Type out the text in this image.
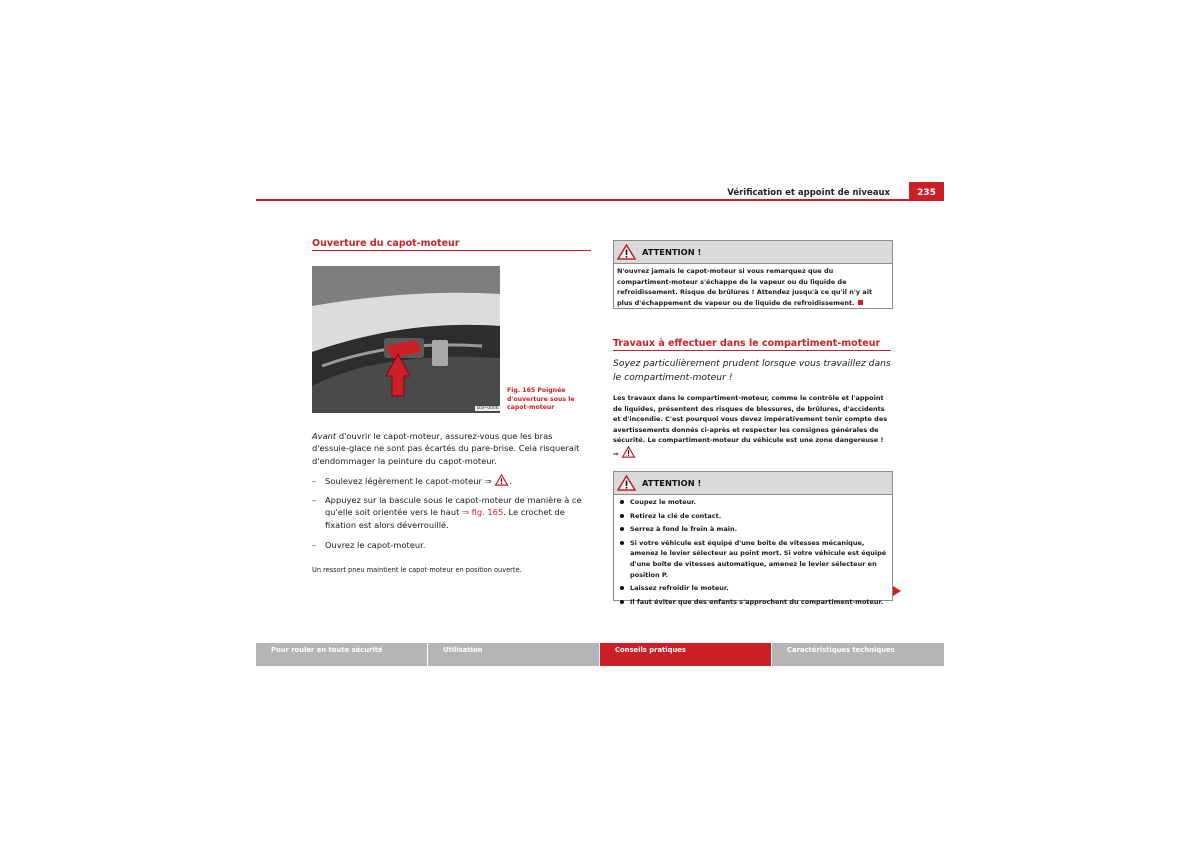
235
Vérification et appoint de niveaux
Ouverture du capot-moteur
B5P-0006
Fig. 165 Poignée d'ouverture sous le capot-moteur
Avant d'ouvrir le capot-moteur, assurez-vous que les bras d'essuie-glace ne sont pas écartés du pare-brise. Cela risquerait d'endommager la peinture du capot-moteur.
– Soulevez légèrement le capot-moteur ⇒ .
– Appuyez sur la bascule sous le capot-moteur de manière à ce qu'elle soit orientée vers le haut ⇒ fig. 165. Le crochet de fixation est alors déverrouillé.
– Ouvrez le capot-moteur.
Un ressort pneu maintient le capot-moteur en position ouverte.
ATTENTION !
N'ouvrez jamais le capot-moteur si vous remarquez que du compartiment-moteur s'échappe de la vapeur ou du liquide de refroidissement. Risque de brûlures ! Attendez jusqu'à ce qu'il n'y ait plus d'échappement de vapeur ou de liquide de refroidissement.
Travaux à effectuer dans le compartiment-moteur
Soyez particulièrement prudent lorsque vous travaillez dans le compartiment-moteur !
Les travaux dans le compartiment-moteur, comme le contrôle et l'appoint de liquides, présentent des risques de blessures, de brûlures, d'accidents et d'incendie. C'est pourquoi vous devez impérativement tenir compte des avertissements donnés ci-après et respecter les consignes générales de sécurité. Le compartiment-moteur du véhicule est une zone dangereuse !
⇒
ATTENTION !
Coupez le moteur.
Retirez la clé de contact.
Serrez à fond le frein à main.
Si votre véhicule est équipé d'une boîte de vitesses mécanique, amenez le levier sélecteur au point mort. Si votre véhicule est équipé d'une boîte de vitesses automatique, amenez le levier sélecteur en position P.
Laissez refroidir le moteur.
Il faut éviter que des enfants s'approchent du compartiment-moteur.
Pour rouler en toute sécurité	Utilisation	Conseils pratiques	Caractéristiques techniques
